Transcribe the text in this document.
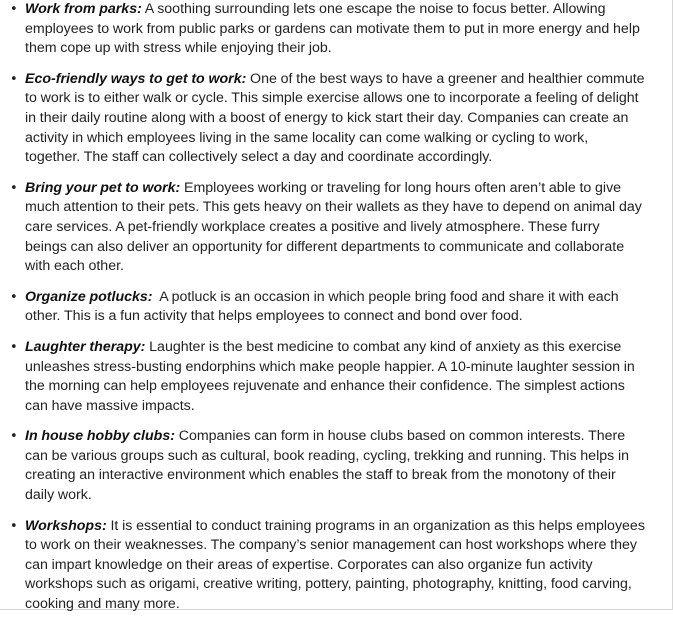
• Work from parks: A soothing surrounding lets one escape the noise to focus better. Allowing employees to work from public parks or gardens can motivate them to put in more energy and help them cope up with stress while enjoying their job.
• Eco-friendly ways to get to work: One of the best ways to have a greener and healthier commute to work is to either walk or cycle. This simple exercise allows one to incorporate a feeling of delight in their daily routine along with a boost of energy to kick start their day. Companies can create an activity in which employees living in the same locality can come walking or cycling to work, together. The staff can collectively select a day and coordinate accordingly.
• Bring your pet to work: Employees working or traveling for long hours often aren’t able to give much attention to their pets. This gets heavy on their wallets as they have to depend on animal day care services. A pet-friendly workplace creates a positive and lively atmosphere. These furry beings can also deliver an opportunity for different departments to communicate and collaborate with each other.
• Organize potlucks:  A potluck is an occasion in which people bring food and share it with each other. This is a fun activity that helps employees to connect and bond over food.
• Laughter therapy: Laughter is the best medicine to combat any kind of anxiety as this exercise unleashes stress-busting endorphins which make people happier. A 10-minute laughter session in the morning can help employees rejuvenate and enhance their confidence. The simplest actions can have massive impacts.
• In house hobby clubs: Companies can form in house clubs based on common interests. There can be various groups such as cultural, book reading, cycling, trekking and running. This helps in creating an interactive environment which enables the staff to break from the monotony of their daily work.
• Workshops: It is essential to conduct training programs in an organization as this helps employees to work on their weaknesses. The company’s senior management can host workshops where they can impart knowledge on their areas of expertise. Corporates can also organize fun activity workshops such as origami, creative writing, pottery, painting, photography, knitting, food carving, cooking and many more.
